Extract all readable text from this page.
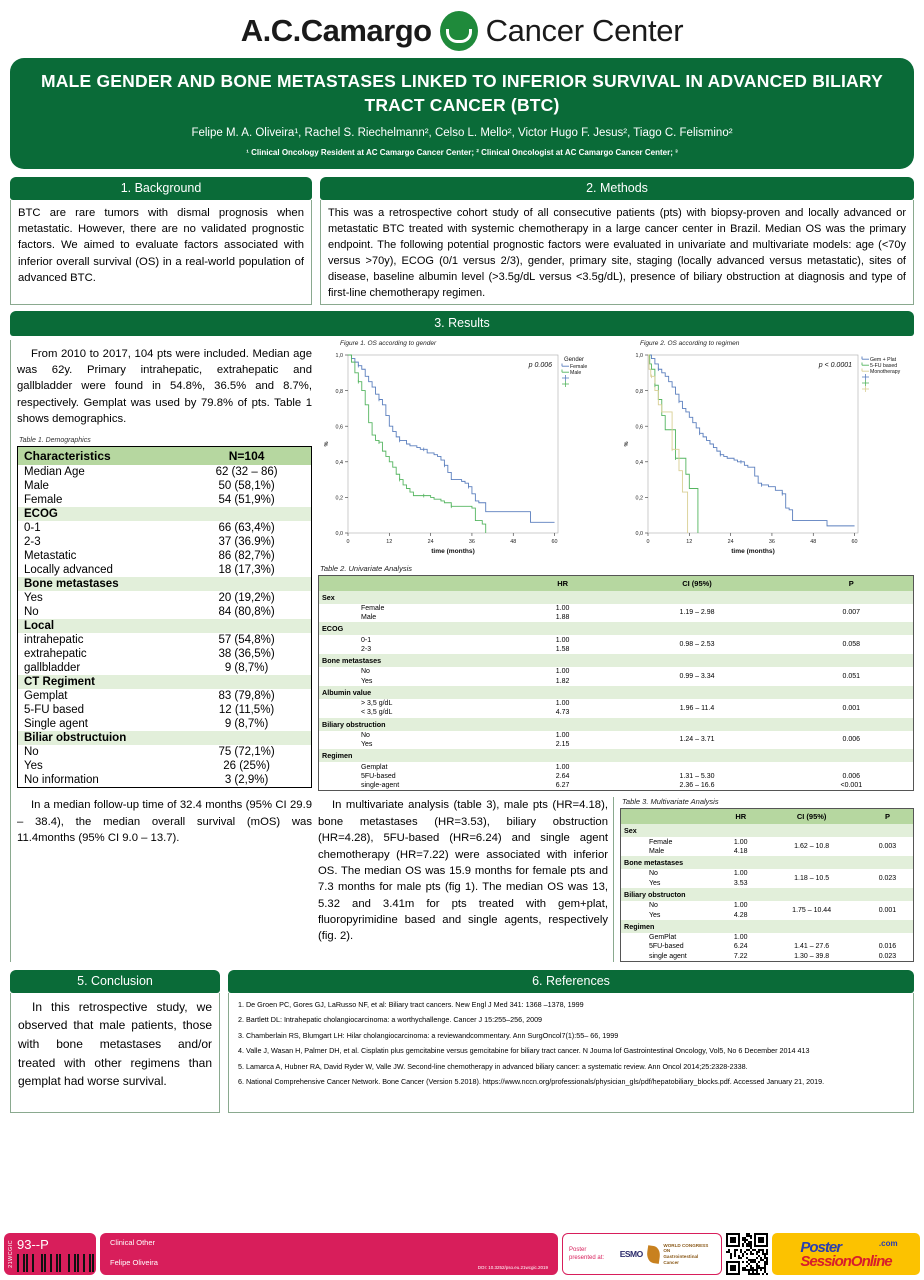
A.C.Camargo Cancer Center
MALE GENDER AND BONE METASTASES LINKED TO INFERIOR SURVIVAL IN ADVANCED BILIARY TRACT CANCER (BTC)
Felipe M. A. Oliveira¹, Rachel S. Riechelmann², Celso L. Mello², Victor Hugo F. Jesus², Tiago C. Felismino²
¹ Clinical Oncology Resident at AC Camargo Cancer Center; ² Clinical Oncologist at AC Camargo Cancer Center; ³
1. Background
BTC are rare tumors with dismal prognosis when metastatic. However, there are no validated prognostic factors. We aimed to evaluate factors associated with inferior overall survival (OS) in a real-world population of advanced BTC.
2. Methods
This was a retrospective cohort study of all consecutive patients (pts) with biopsy-proven and locally advanced or metastatic BTC treated with systemic chemotherapy in a large cancer center in Brazil. Median OS was the primary endpoint. The following potential prognostic factors were evaluated in univariate and multivariate models: age (<70y versus >70y), ECOG (0/1 versus 2/3), gender, primary site, staging (locally advanced versus metastatic), sites of disease, baseline albumin level (>3.5g/dL versus <3.5g/dL), presence of biliary obstruction at diagnosis and type of first-line chemotherapy regimen.
3. Results
From 2010 to 2017, 104 pts were included. Median age was 62y. Primary intrahepatic, extrahepatic and gallbladder were found in 54.8%, 36.5% and 8.7%, respectively. Gemplat was used by 79.8% of pts. Table 1 shows demographics.
Table 1. Demographics
Characteristics	N=104
Median Age	62 (32 – 86)
Male	50 (58,1%)
Female	54 (51,9%)
ECOG	
0-1	66 (63,4%)
2-3	37 (36.9%)
Metastatic	86 (82,7%)
Locally advanced	18 (17,3%)
Bone metastases	
Yes	20 (19,2%)
No	84 (80,8%)
Local	
intrahepatic	57 (54,8%)
extrahepatic	38 (36,5%)
gallbladder	9 (8,7%)
CT Regiment	
Gemplat	83 (79,8%)
5-FU based	12 (11,5%)
Single agent	9 (8,7%)
Biliar obstructuion	
No	75 (72,1%)
Yes	26 (25%)
No information	3 (2,9%)
In a median follow-up time of 32.4 months (95% CI 29.9 – 38.4), the median overall survival (mOS) was 11.4months (95% CI 9.0 – 13.7).
Figure 1. OS according to gender
0,0
0,2
0,4
0,6
0,8
1,0
0	12	24	36	48	60
%
time (months)
p 0.006
Gender
Female
Male
Figure 2. OS according to regimen
0,0
0,2
0,4
0,6
0,8
1,0
0	12	24	36	48	60
%
time (months)
p < 0.0001
Gem + Plat
5-FU based
Monotherapy
Table 2. Univariate Analysis
	HR	CI (95%)	P
Sex			
Female	1.00	1.19 – 2.98	0.007
Male	1.88		
ECOG			
0-1	1.00	0.98 – 2.53	0.058
2-3	1.58		
Bone metastases			
No	1.00	0.99 – 3.34	0.051
Yes	1.82		
Albumin value			
> 3,5 g/dL	1.00	1.96 – 11.4	0.001
< 3,5 g/dL	4.73		
Biliary obstruction			
No	1.00	1.24 – 3.71	0.006
Yes	2.15		
Regimen			
Gemplat	1.00		
5FU-based	2.64	1.31 – 5.30	0.006
single-agent	6.27	2.36 – 16.6	<0.001
In multivariate analysis (table 3), male pts (HR=4.18), bone metastases (HR=3.53), biliary obstruction (HR=4.28), 5FU-based (HR=6.24) and single agent chemotherapy (HR=7.22) were associated with inferior OS. The median OS was 15.9 months for female pts and 7.3 months for male pts (fig 1). The median OS was 13, 5.32 and 3.41m for pts treated with gem+plat, fluoropyrimidine based and single agents, respectively (fig. 2).
Table 3. Multivariate Analysis
	HR	CI (95%)	P
Sex			
Female	1.00	1.62 – 10.8	0.003
Male	4.18		
Bone metastases			
No	1.00	1.18 – 10.5	0.023
Yes	3.53		
Biliary obstructon			
No	1.00	1.75 – 10.44	0.001
Yes	4.28		
Regimen			
GemPlat	1.00		
5FU-based	6.24	1.41 – 27.6	0.016
single agent	7.22	1.30 – 39.8	0.023
5. Conclusion
In this retrospective study, we observed that male patients, those with bone metastases and/or treated with other regimens than gemplat had worse survival.
6. References
1. De Groen PC, Gores GJ, LaRusso NF, et al: Biliary tract cancers. New Engl J Med 341: 1368 –1378, 1999
2. Bartlett DL: Intrahepatic cholangiocarcinoma: a worthychallenge. Cancer J 15:255–256, 2009
3. Chamberlain RS, Blumgart LH: Hilar cholangiocarcinoma: a reviewandcommentary. Ann SurgOncol7(1):55– 66, 1999
4. Valle J, Wasan H, Palmer DH, et al. Cisplatin plus gemcitabine versus gemcitabine for biliary tract cancer. N Journa lof Gastrointestinal Oncology, Vol5, No 6 December 2014 413
5. Lamarca A, Hubner RA, David Ryder W, Valle JW. Second-line chemotherapy in advanced biliary cancer: a systematic review. Ann Oncol 2014;25:2328-2338.
6. National Comprehensive Cancer Network. Bone Cancer (Version 5.2018). https://www.nccn.org/professionals/physician_gls/pdf/hepatobiliary_blocks.pdf. Accessed January 21, 2019.
21WCGIC 93--P	Clinical Other
Felipe Oliveira
DOI: 10.3252/pso.eu.21wcgic.2019
Poster
presented at:	ESMO
WORLD CONGRESS ON
Gastrointestinal
Cancer
Poster	.com
SessionOnline
